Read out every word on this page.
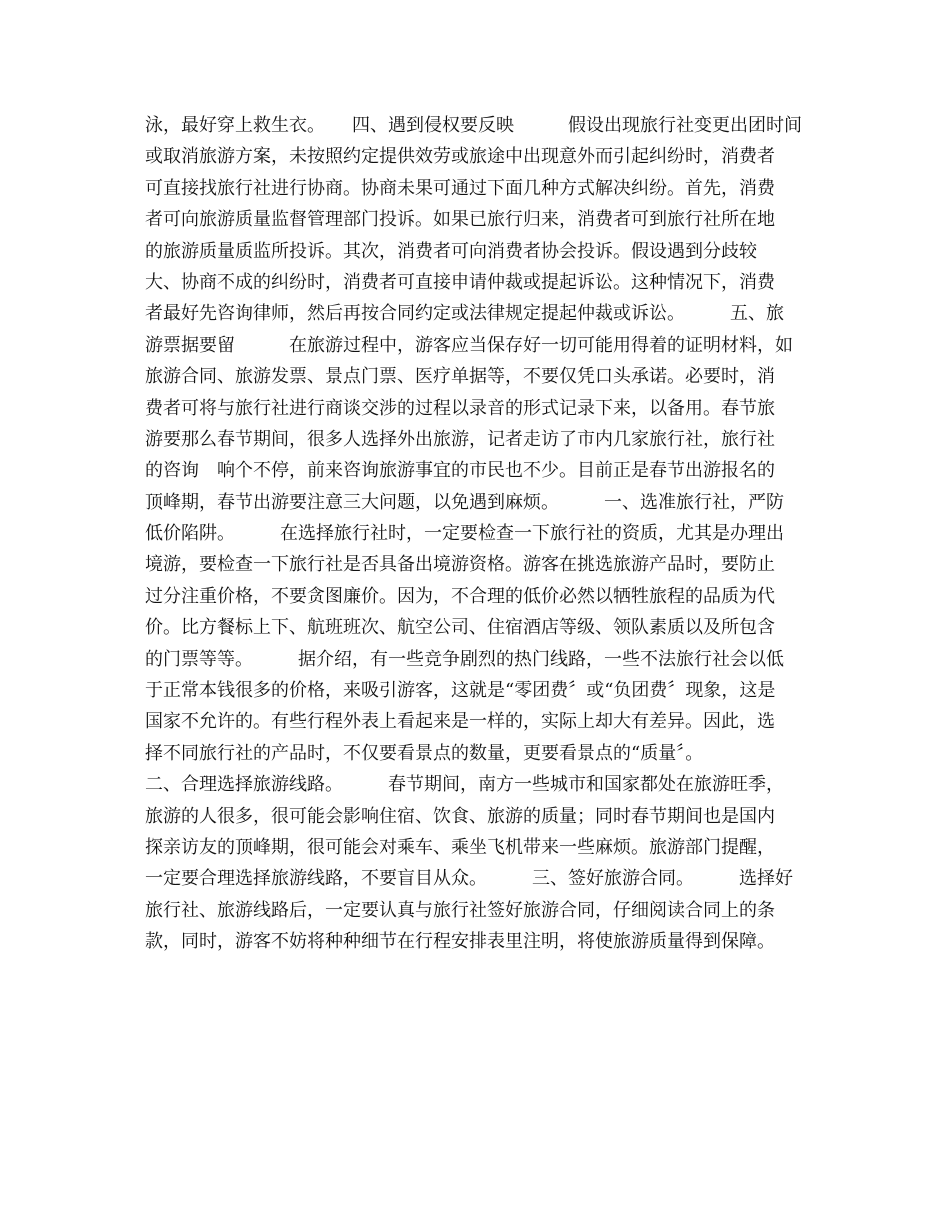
泳，最好穿上救生衣。　　四、遇到侵权要反映　　　假设出现旅行社变更出团时间
或取消旅游方案，未按照约定提供效劳或旅途中出现意外而引起纠纷时，消费者
可直接找旅行社进行协商。协商未果可通过下面几种方式解决纠纷。首先，消费
者可向旅游质量监督管理部门投诉。如果已旅行归来，消费者可到旅行社所在地
的旅游质量质监所投诉。其次，消费者可向消费者协会投诉。假设遇到分歧较
大、协商不成的纠纷时，消费者可直接申请仲裁或提起诉讼。这种情况下，消费
者最好先咨询律师，然后再按合同约定或法律规定提起仲裁或诉讼。　　　五、旅
游票据要留　　　在旅游过程中，游客应当保存好一切可能用得着的证明材料，如
旅游合同、旅游发票、景点门票、医疗单据等，不要仅凭口头承诺。必要时，消
费者可将与旅行社进行商谈交涉的过程以录音的形式记录下来，以备用。春节旅
游要那么春节期间，很多人选择外出旅游，记者走访了市内几家旅行社，旅行社
的咨询　响个不停，前来咨询旅游事宜的市民也不少。目前正是春节出游报名的
顶峰期，春节出游要注意三大问题，以免遇到麻烦。　　　一、选准旅行社，严防
低价陷阱。　　　在选择旅行社时，一定要检查一下旅行社的资质，尤其是办理出
境游，要检查一下旅行社是否具备出境游资格。游客在挑选旅游产品时，要防止
过分注重价格，不要贪图廉价。因为，不合理的低价必然以牺牲旅程的品质为代
价。比方餐标上下、航班班次、航空公司、住宿酒店等级、领队素质以及所包含
的门票等等。　　　据介绍，有一些竞争剧烈的热门线路，一些不法旅行社会以低
于正常本钱很多的价格，来吸引游客，这就是“零团费〞或“负团费〞现象，这是
国家不允许的。有些行程外表上看起来是一样的，实际上却大有差异。因此，选
择不同旅行社的产品时，不仅要看景点的数量，更要看景点的“质量〞。
二、合理选择旅游线路。　　　春节期间，南方一些城市和国家都处在旅游旺季，
旅游的人很多，很可能会影响住宿、饮食、旅游的质量；同时春节期间也是国内
探亲访友的顶峰期，很可能会对乘车、乘坐飞机带来一些麻烦。旅游部门提醒，
一定要合理选择旅游线路，不要盲目从众。　　　三、签好旅游合同。　　　选择好
旅行社、旅游线路后，一定要认真与旅行社签好旅游合同，仔细阅读合同上的条
款，同时，游客不妨将种种细节在行程安排表里注明，将使旅游质量得到保障。
